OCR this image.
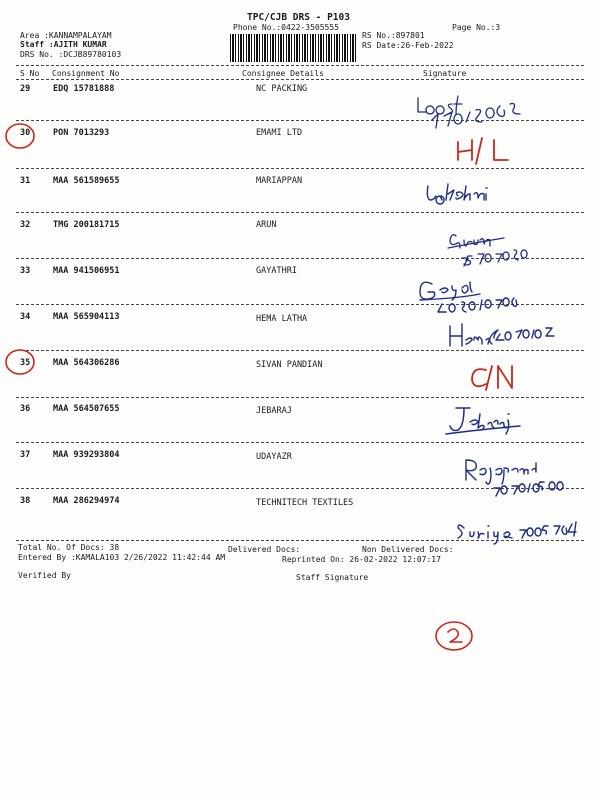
TPC/CJB DRS - P103
Phone No.:0422-3505555	Page No.:3
Area :KANNAMPALAYAM
Staff :AJITH KUMAR
DRS No. :DCJB89780103
RS No.:897801
RS Date:26-Feb-2022
S No Consignment No	Consignee Details	Signature
29	EDQ 15781888	NC PACKING
30	PON 7013293	EMAMI LTD
31	MAA 561589655	MARIAPPAN
32	TMG 200181715	ARUN
33	MAA 941506951	GAYATHRI
34	MAA 565904113	HEMA LATHA
35	MAA 564306286	SIVAN PANDIAN
36	MAA 564507655	JEBARAJ
37	MAA 939293804	UDAYAZR
38	MAA 286294974	TECHNITECH TEXTILES
Total No. Of Docs: 38	Delivered Docs:	Non Delivered Docs:
Entered By :KAMALA103 2/26/2022 11:42:44 AM	Reprinted On: 26-02-2022 12:07:17
Verified By	Staff Signature
